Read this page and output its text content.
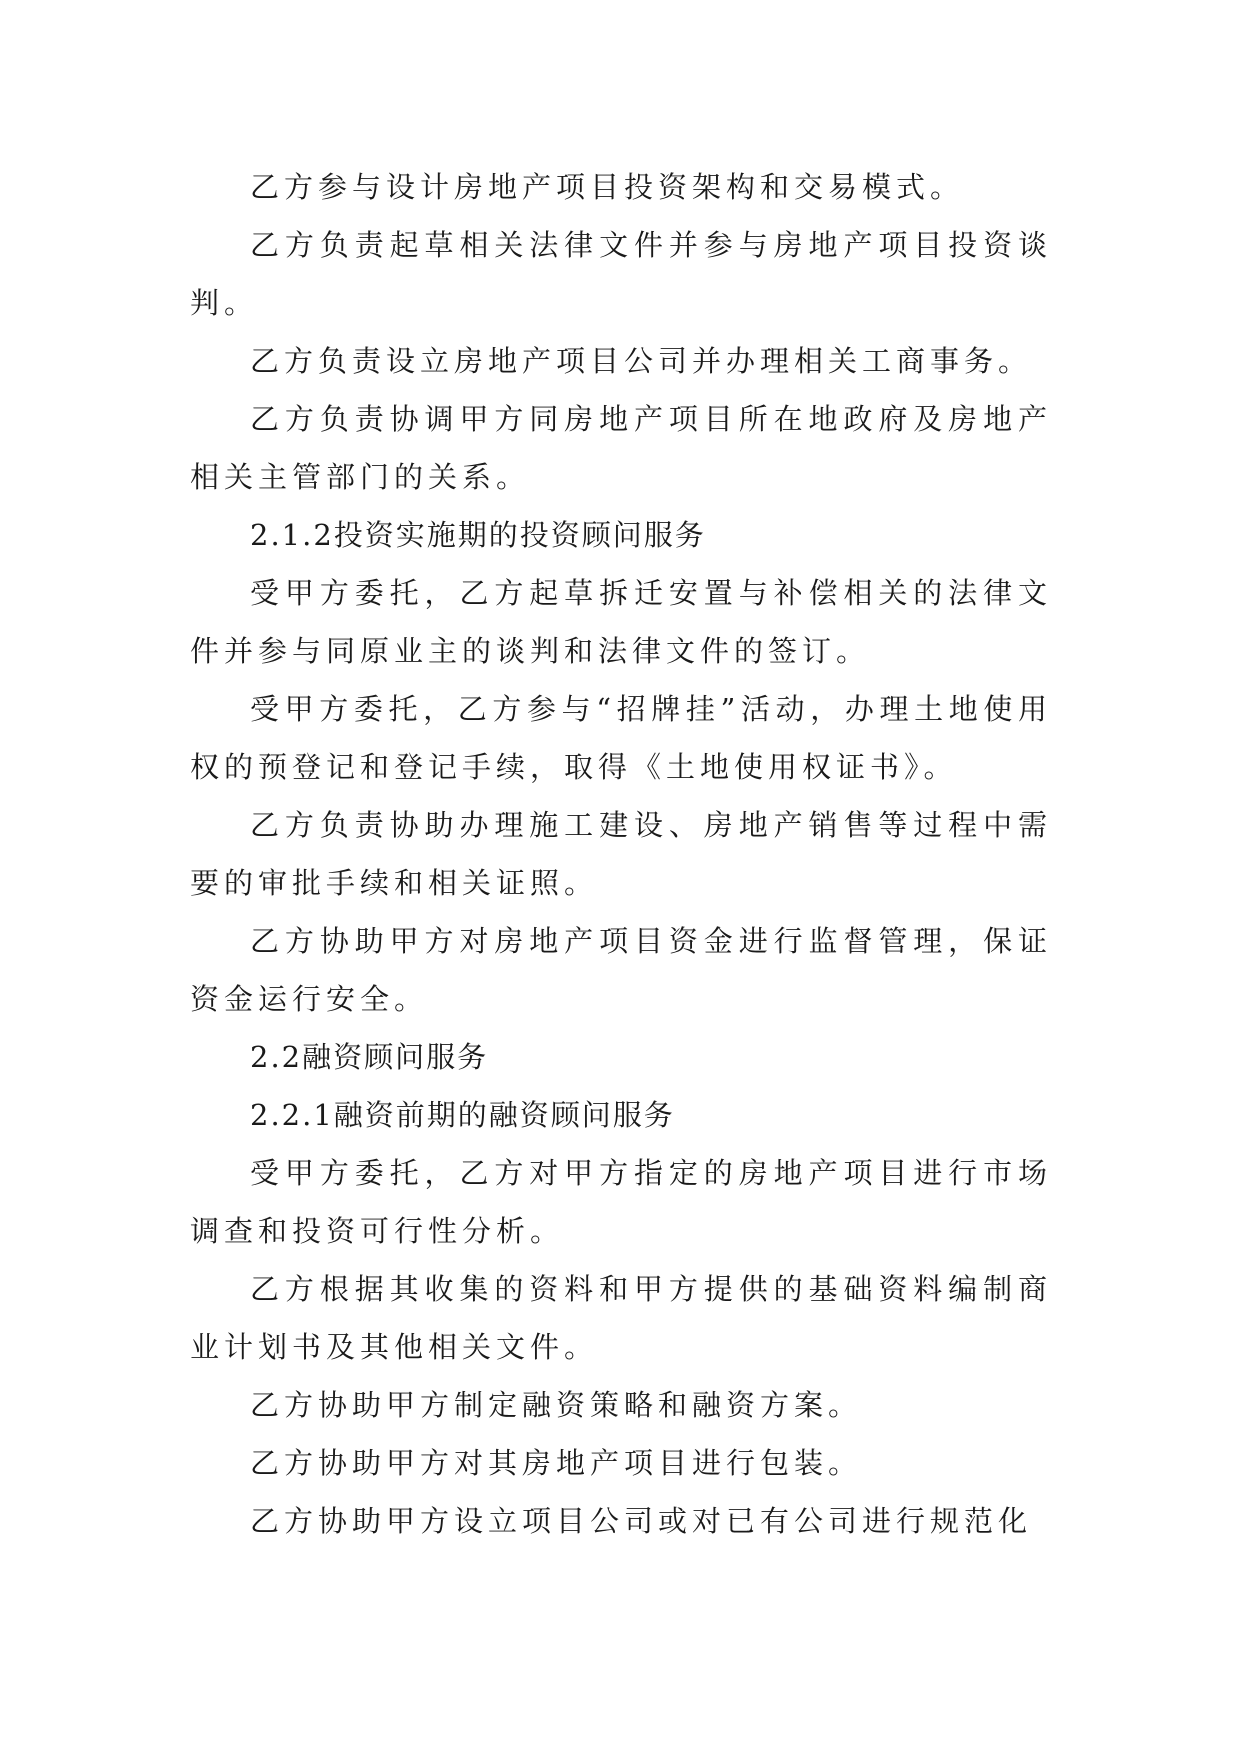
乙方参与设计房地产项目投资架构和交易模式。

乙方负责起草相关法律文件并参与房地产项目投资谈判。

乙方负责设立房地产项目公司并办理相关工商事务。

乙方负责协调甲方同房地产项目所在地政府及房地产相关主管部门的关系。

2.1.2投资实施期的投资顾问服务

受甲方委托，乙方起草拆迁安置与补偿相关的法律文件并参与同原业主的谈判和法律文件的签订。

受甲方委托，乙方参与“招牌挂”活动，办理土地使用权的预登记和登记手续，取得《土地使用权证书》。

乙方负责协助办理施工建设、房地产销售等过程中需要的审批手续和相关证照。

乙方协助甲方对房地产项目资金进行监督管理，保证资金运行安全。

2.2融资顾问服务

2.2.1融资前期的融资顾问服务

受甲方委托，乙方对甲方指定的房地产项目进行市场调查和投资可行性分析。

乙方根据其收集的资料和甲方提供的基础资料编制商业计划书及其他相关文件。

乙方协助甲方制定融资策略和融资方案。

乙方协助甲方对其房地产项目进行包装。

乙方协助甲方设立项目公司或对已有公司进行规范化
